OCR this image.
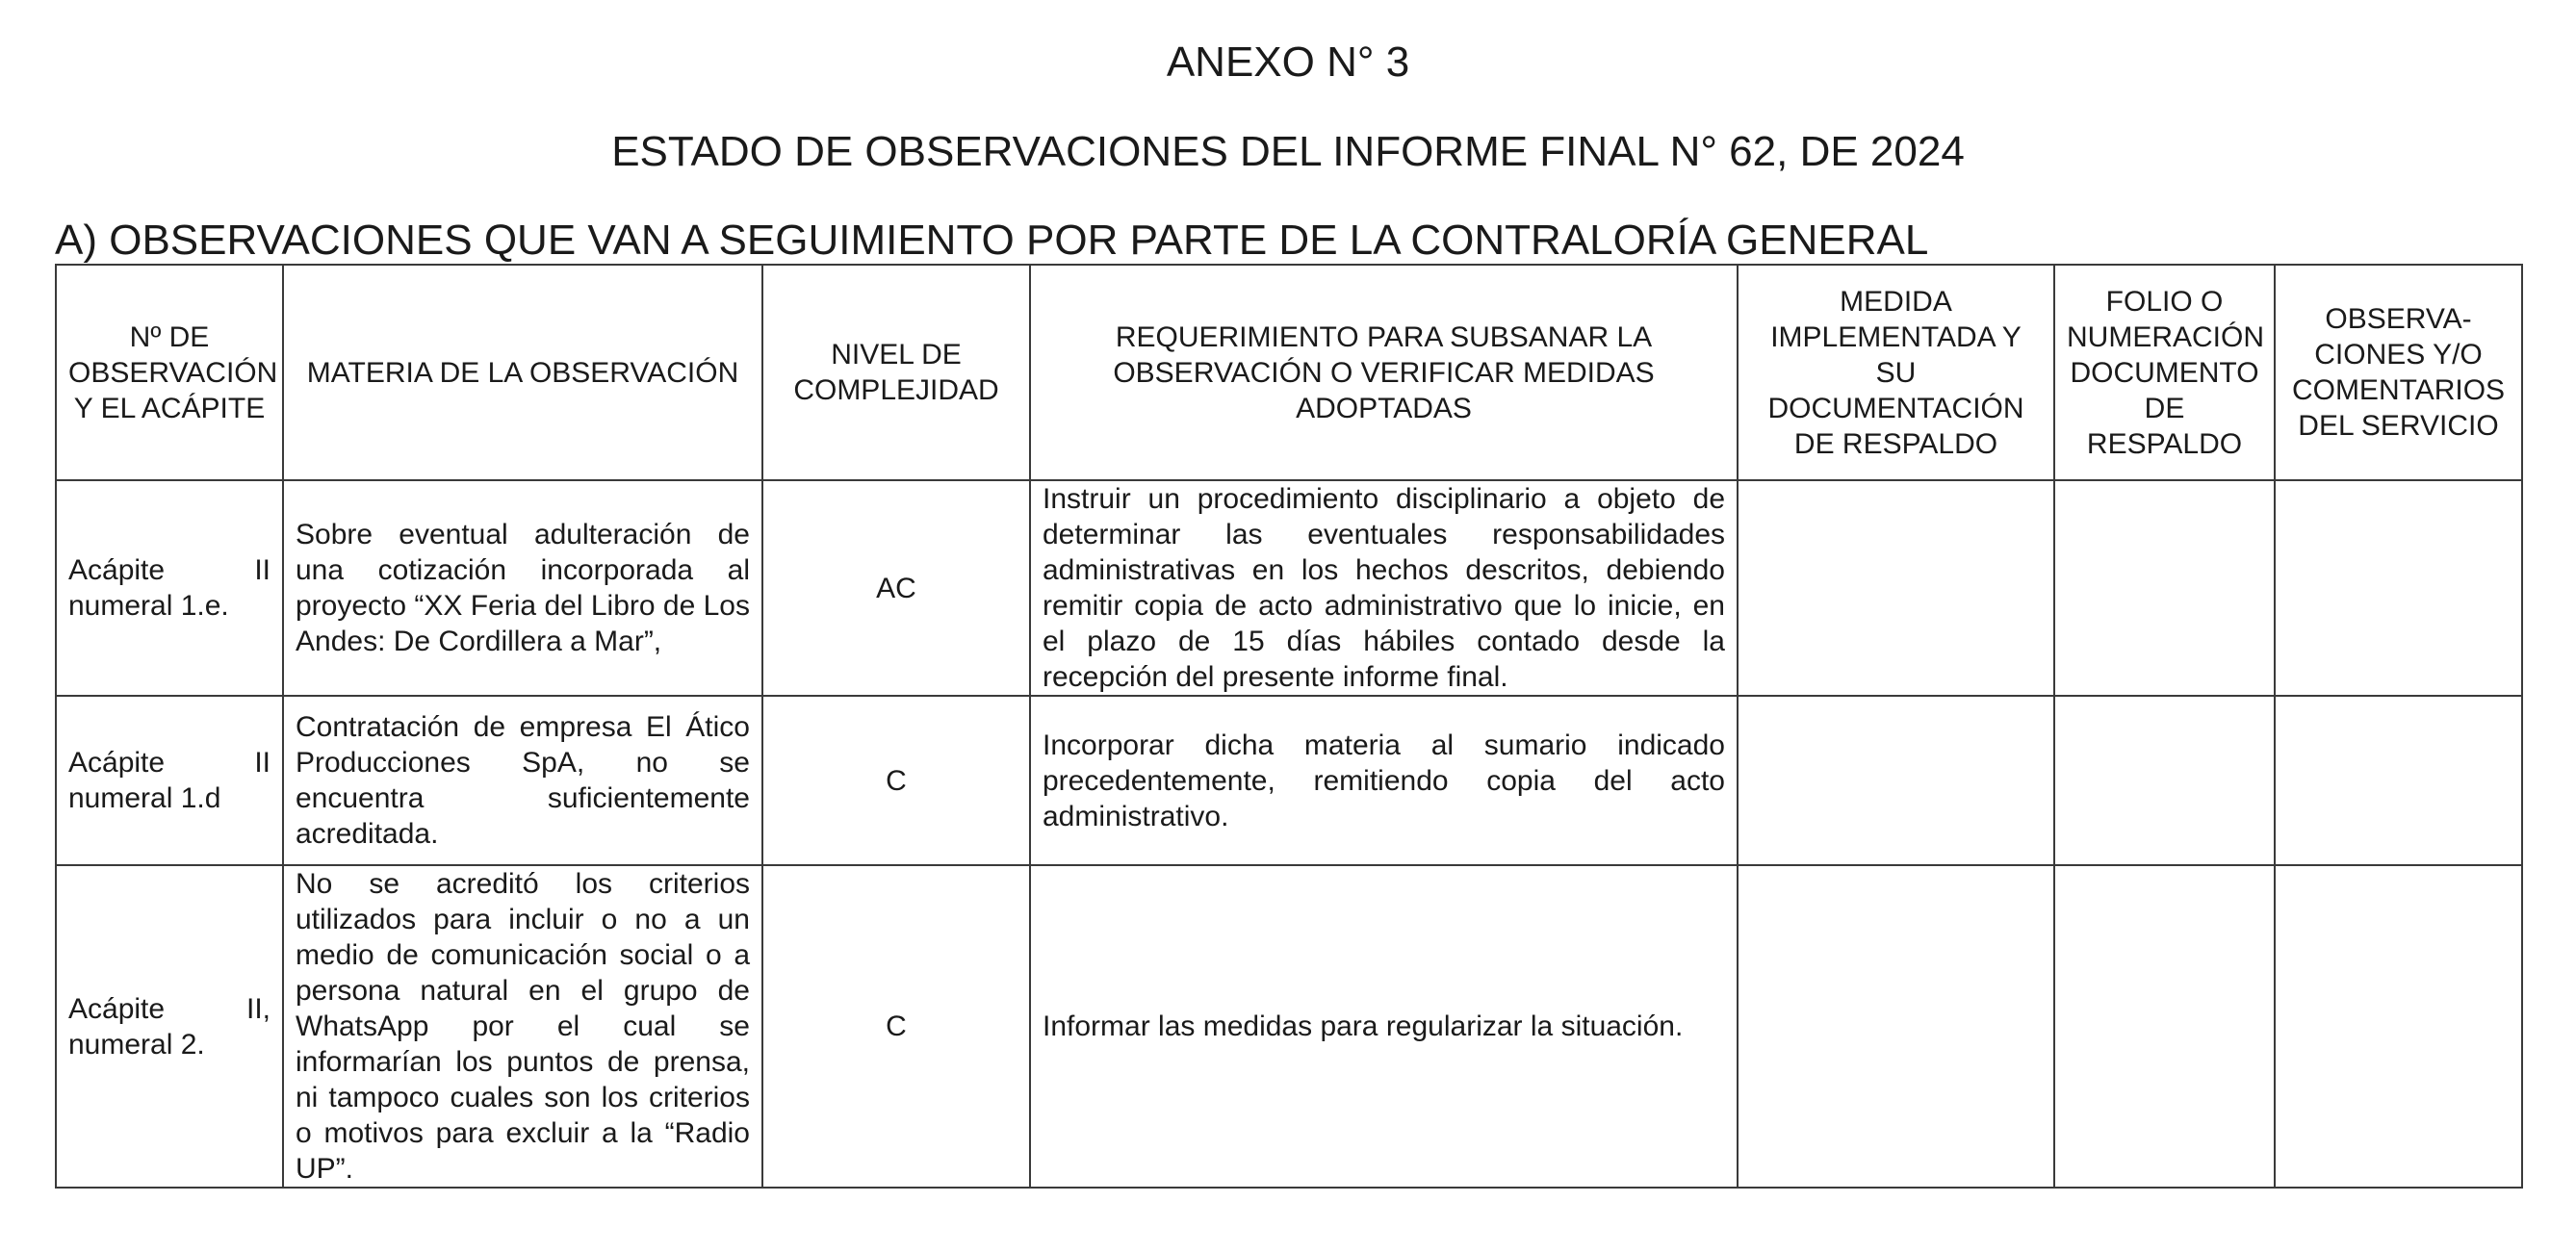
ANEXO N° 3
ESTADO DE OBSERVACIONES DEL INFORME FINAL N° 62, DE 2024
A) OBSERVACIONES QUE VAN A SEGUIMIENTO POR PARTE DE LA CONTRALORÍA GENERAL
Nº DE OBSERVACIÓN Y EL ACÁPITE	MATERIA DE LA OBSERVACIÓN	NIVEL DE COMPLEJIDAD	REQUERIMIENTO PARA SUBSANAR LA OBSERVACIÓN O VERIFICAR MEDIDAS ADOPTADAS	MEDIDA IMPLEMENTADA Y SU DOCUMENTACIÓN DE RESPALDO	FOLIO O NUMERACIÓN DOCUMENTO DE RESPALDO	OBSERVA-CIONES Y/O COMENTARIOS DEL SERVICIO
Acápite II numeral 1.e.	Sobre eventual adulteración de una cotización incorporada al proyecto “XX Feria del Libro de Los Andes: De Cordillera a Mar”,	AC	Instruir un procedimiento disciplinario a objeto de determinar las eventuales responsabilidades administrativas en los hechos descritos, debiendo remitir copia de acto administrativo que lo inicie, en el plazo de 15 días hábiles contado desde la recepción del presente informe final.			
Acápite II numeral 1.d	Contratación de empresa El Ático Producciones SpA, no se encuentra suficientemente acreditada.	C	Incorporar dicha materia al sumario indicado precedentemente, remitiendo copia del acto administrativo.			
Acápite II, numeral 2.	No se acreditó los criterios utilizados para incluir o no a un medio de comunicación social o a persona natural en el grupo de WhatsApp por el cual se informarían los puntos de prensa, ni tampoco cuales son los criterios o motivos para excluir a la “Radio UP”.	C	Informar las medidas para regularizar la situación.			
